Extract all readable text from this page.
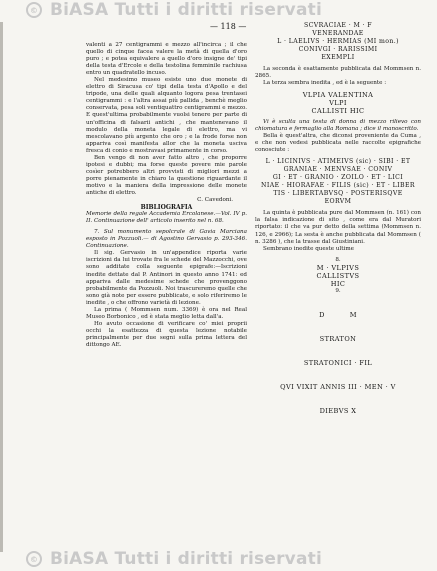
© BiASA Tutti i diritti riservati
— 118 —

valenti a 27 centigrammi e mezzo all'incirca ; il che quello di cinque facea valere la metà di quella d'oro puro ; e potea equivalere a quello d'oro insigne de' tipi della testa d'Ercole e della testolina femminile rachiusa entro un quadratello incuso.

Nel medesimo museo esiste uno due monete di elettro di Siracusa co' tipi della testa d'Apollo e del tripode, una delle quali alquanto logora pesa trentasei centigrammi : e l'altra assai più pallida , benchè meglio conservata, pesa soli ventiquattro centigrammi e mezzo. E quest'ultima probabilmente vuolsi tenere per parte di un'officina di falsarii antichi , che mantenevano il modulo della moneta legale di elettro, ma vi mescolavano più argento che oro ; e la frode forse non appariva così manifesta allor che la moneta usciva fresca di conio e mostravasi primamente in corso.

Ben vengo di non aver fatto altro , che proporre ipotesi e dubbi; ma forse queste povere mie parole cosìer potrebbero altri provvisti di migliori mezzi a porre pienamente in chiaro la questione riguardante il motivo e la maniera della impressione delle monete antiche di elettro.

C. Cavedoni.

BIBLIOGRAFIA

Memorie della regale Accademia Ercolanese.—Vol. IV p. II. Continuazione dell' articolo inserito nel n. 68.

7. Sul monumento sepolcrale di Gavia Marciana esposto in Pozzuoli.— di Agostino Gervasio p. 293-346. Continuazione.

Il sig. Gervasio in un'appendice riporta varie iscrizioni da lui trovate fra le schede del Mazzocchi, ove sono additate colla seguente epigrafe:—Iscrizioni inedite dettate dal P. Antinori in questo anno 1741: ed appariva dalle medesime schede che provenggono probabilmente da Pozzuoli. Noi trascureremo quelle che sono già note per essere pubblicate, e solo riferiremo le inedite , o che offrono varietà di lezione.

La prima ( Mommsen num. 3369) è ora nel Real Museo Borbonico , ed è stata meglio letta dall'a.

Ho avuto occasione di verificare co' miei proprii occhi la esattezza di questa lezione notabile principalmente per due segni sulla prima lettera del dittongo AE.

SCVRACIAE · M · F
VENERANDAE
L · LAELIVS · HERMIAS (MI mon.)
CONIVGI · RARISSIMI
EXEMPLI

La seconda è esattamente pubblicata dal Mommsen n. 2865.

La terza sembra inedita , ed è la seguente :

VLPIA VALENTINA
VLPI
CALLISTI HIC

Vi è sculta una testa di donna di mezzo rilievo con chiomatura e fermaglio alla Romana ; dice il manoscritto.

Bella è quest'altra, che diconsi proveniente da Cuma , e che non vedesi pubblicata nelle raccolte epigrafiche conosciute :

L · LICINIVS · ATIMEIVS (sic) · SIBI · ET
GRANIAE · MENVSAE · CONIV
GI · ET · GRANIO · ZOILO · ET · LICI
NIAE · HIORAFAE · FILIS (sic) · ET · LIBER
TIS · LIBERTABVSQ · POSTERISQVE
EORVM

La quinta è pubblicata pure dal Mommsen (n. 161) con la falsa indicazione di sito , come era dal Muratori riportato: il che va pur detto della settima (Mommsen n. 126, e 2966); La sesta è anche pubblicata dal Mommsen ( n. 3286 ), che la trasse dal Giustiniani.

Sembrano inedite queste ultime

8.
M · VLPIVS
CALLISTVS
HIC
9.

D          M

STRATON

STRATONICI · FIL

QVI VIXIT ANNIS III · MEN · V

DIEBVS X

© BiASA Tutti i diritti riservati
